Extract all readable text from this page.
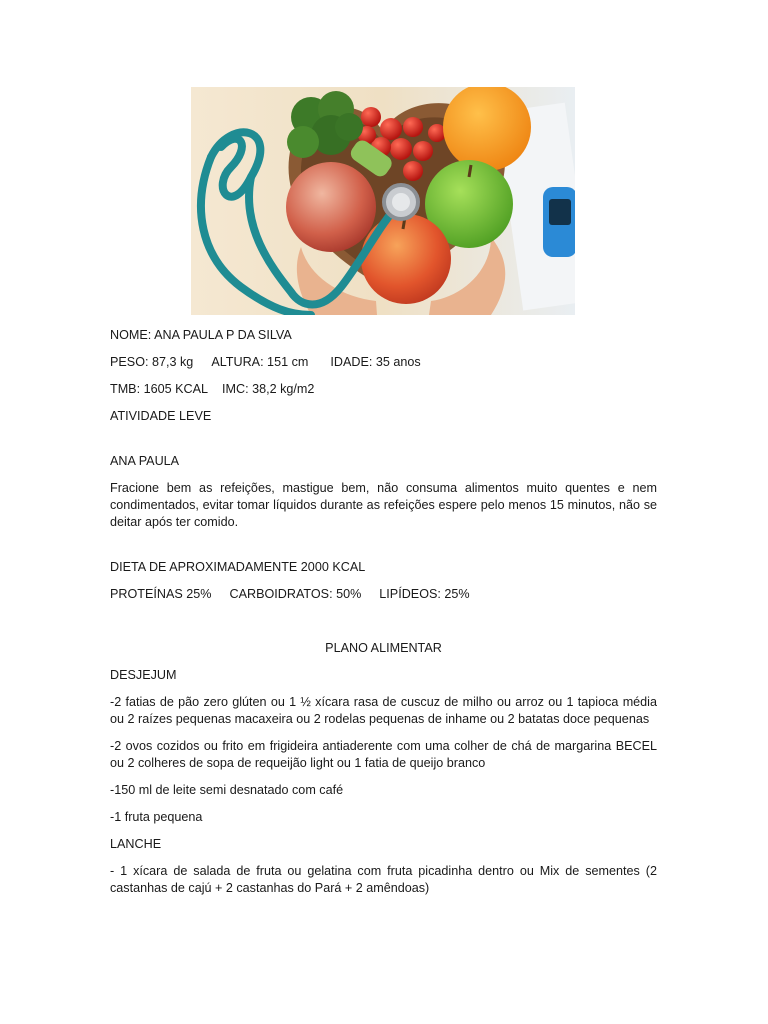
NOME: ANA PAULA P DA SILVA

PESO: 87,3 kg ALTURA: 151 cm IDADE: 35 anos

TMB: 1605 KCAL IMC: 38,2 kg/m2

ATIVIDADE LEVE

ANA PAULA

Fracione bem as refeições, mastigue bem, não consuma alimentos muito quentes e nem condimentados, evitar tomar líquidos durante as refeições espere pelo menos 15 minutos, não se deitar após ter comido.

DIETA DE APROXIMADAMENTE 2000 KCAL

PROTEÍNAS 25% CARBOIDRATOS: 50% LIPÍDEOS: 25%

PLANO ALIMENTAR

DESJEJUM

-2 fatias de pão zero glúten ou 1 ½ xícara rasa de cuscuz de milho ou arroz ou 1 tapioca média ou 2 raízes pequenas macaxeira ou 2 rodelas pequenas de inhame ou 2 batatas doce pequenas

-2 ovos cozidos ou frito em frigideira antiaderente com uma colher de chá de margarina BECEL ou 2 colheres de sopa de requeijão light ou 1 fatia de queijo branco

-150 ml de leite semi desnatado com café

-1 fruta pequena

LANCHE

- 1 xícara de salada de fruta ou gelatina com fruta picadinha dentro ou Mix de sementes (2 castanhas de cajú + 2 castanhas do Pará + 2 amêndoas)
